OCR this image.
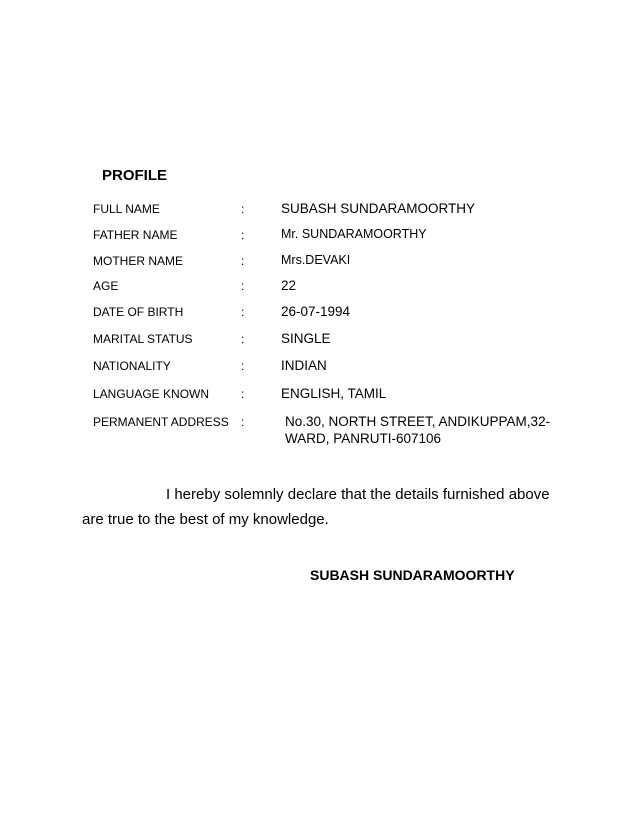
PROFILE
FULL NAME	:	SUBASH SUNDARAMOORTHY
FATHER NAME	:	Mr. SUNDARAMOORTHY
MOTHER NAME	:	Mrs.DEVAKI
AGE	:	22
DATE OF BIRTH	:	26-07-1994
MARITAL STATUS	:	SINGLE
NATIONALITY	:	INDIAN
LANGUAGE KNOWN	:	ENGLISH, TAMIL
PERMANENT ADDRESS :	No.30, NORTH STREET, ANDIKUPPAM,32-WARD, PANRUTI-607106

I hereby solemnly declare that the details furnished above are true to the best of my knowledge.

SUBASH SUNDARAMOORTHY
